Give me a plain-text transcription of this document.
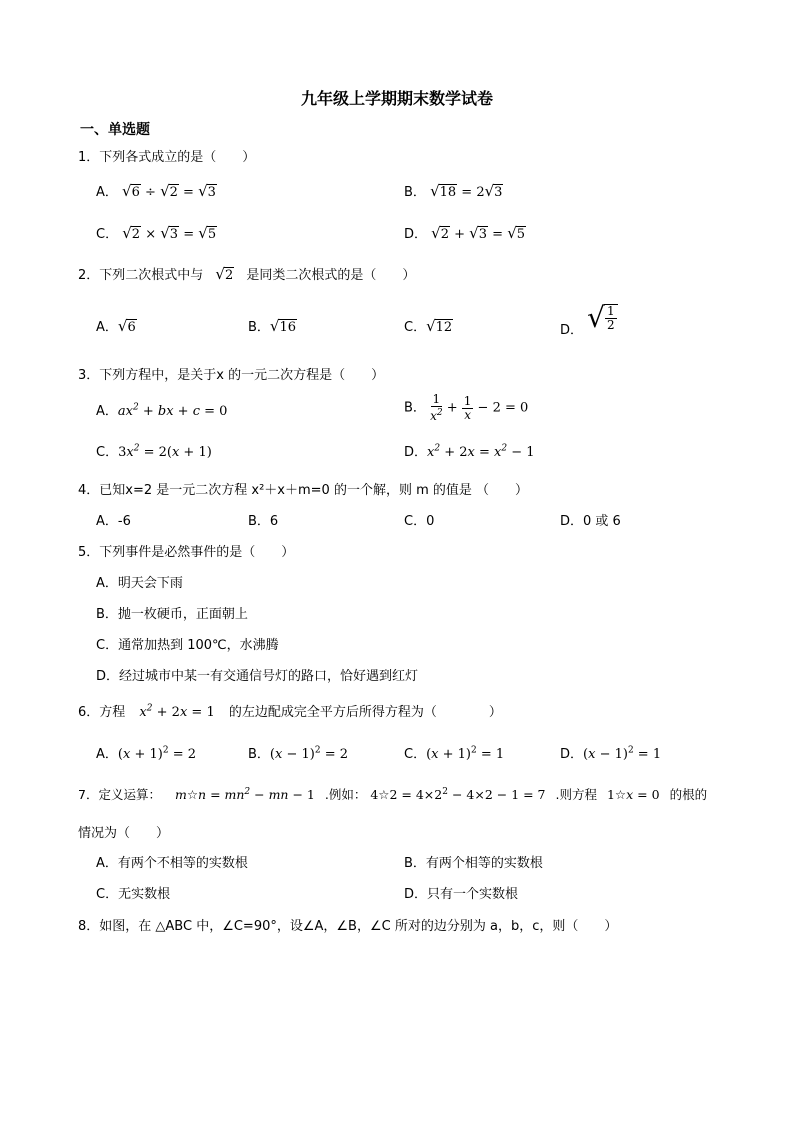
九年级上学期期末数学试卷
一、单选题
1．下列各式成立的是（　　）
A． √ 6 ÷ √ 2 = √ 3	B． √ 18 = 2 √ 3
C． √ 2 × √ 3 = √ 5	D． √ 2 + √ 3 = √ 5
2．下列二次根式中与 √ 2 是同类二次根式的是（　　）
A． √ 6	B． √ 16	C． √ 12	D． √ $\frac{1}{2}$
3．下列方程中，是关于x 的一元二次方程是（　　）
A．$ax^2$ + bx + c = 0	B． $\frac{1}{x^2} + \frac{1}{x} - 2 = 0$
C．$3x^2 = 2(x + 1)$	D．$x^2 + 2x = x^2 - 1$
4．已知x=2 是一元二次方程 x²＋x＋m=0 的一个解，则 m 的值是 （　　）
A．-6	B．6	C．0	D．0 或 6
5．下列事件是必然事件的是（　　）
A．明天会下雨
B．抛一枚硬币，正面朝上
C．通常加热到 100℃，水沸腾
D．经过城市中某一有交通信号灯的路口，恰好遇到红灯
6．方程 $x^2 + 2x = 1$ 的左边配成完全平方后所得方程为（　　　　）
A．$(x + 1)^2 = 2$	B．$(x - 1)^2 = 2$	C．$(x + 1)^2 = 1$	D．$(x - 1)^2 = 1$
7．定义运算： m☆n = $mn^2$ − mn − 1 .例如： 4☆2 = $4\times 2^2 - 4\times 2 - 1 = 7$ .则方程 1☆x = 0 的根的
情况为（　　）
A．有两个不相等的实数根	B．有两个相等的实数根
C．无实数根	D．只有一个实数根
8．如图，在 △ABC 中，∠C=90°，设∠A，∠B，∠C 所对的边分别为 a，b，c，则（　　）
